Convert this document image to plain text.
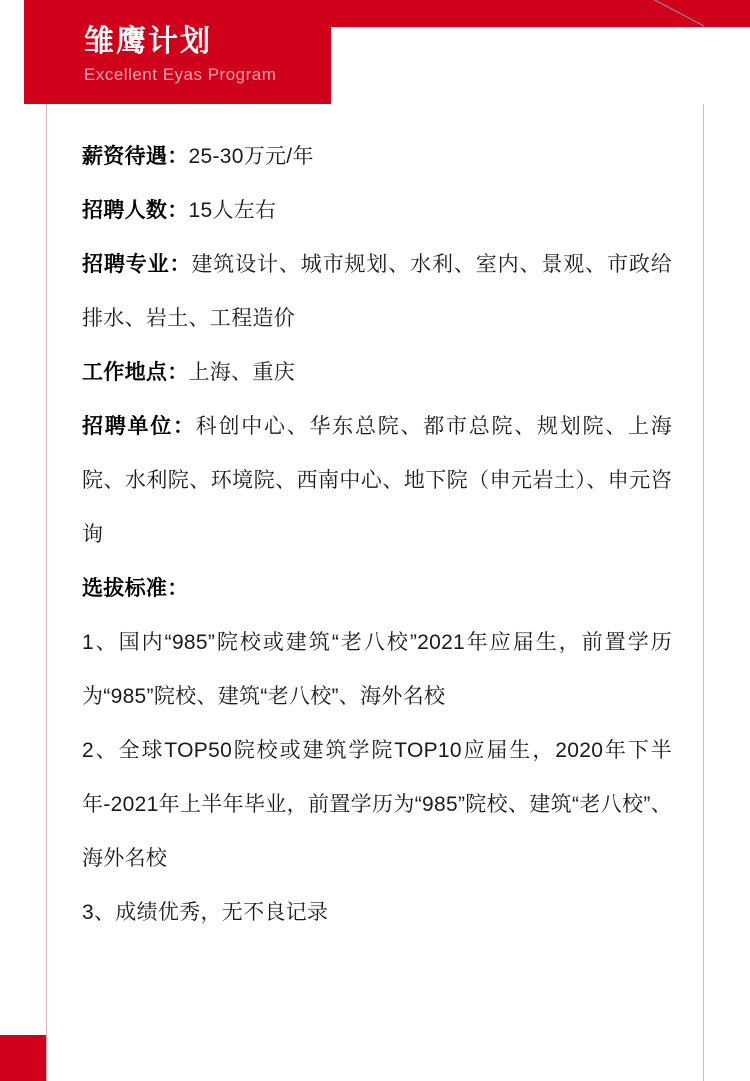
雏鹰计划
Excellent Eyas Program

薪资待遇：25-30万元/年

招聘人数：15人左右

招聘专业：建筑设计、城市规划、水利、室内、景观、市政给排水、岩土、工程造价

工作地点：上海、重庆

招聘单位：科创中心、华东总院、都市总院、规划院、上海院、水利院、环境院、西南中心、地下院（申元岩土）、申元咨询

选拔标准：

1、国内“985”院校或建筑“老八校”2021年应届生，前置学历为“985”院校、建筑“老八校”、海外名校

2、全球TOP50院校或建筑学院TOP10应届生，2020年下半年-2021年上半年毕业，前置学历为“985”院校、建筑“老八校”、海外名校

3、成绩优秀，无不良记录
